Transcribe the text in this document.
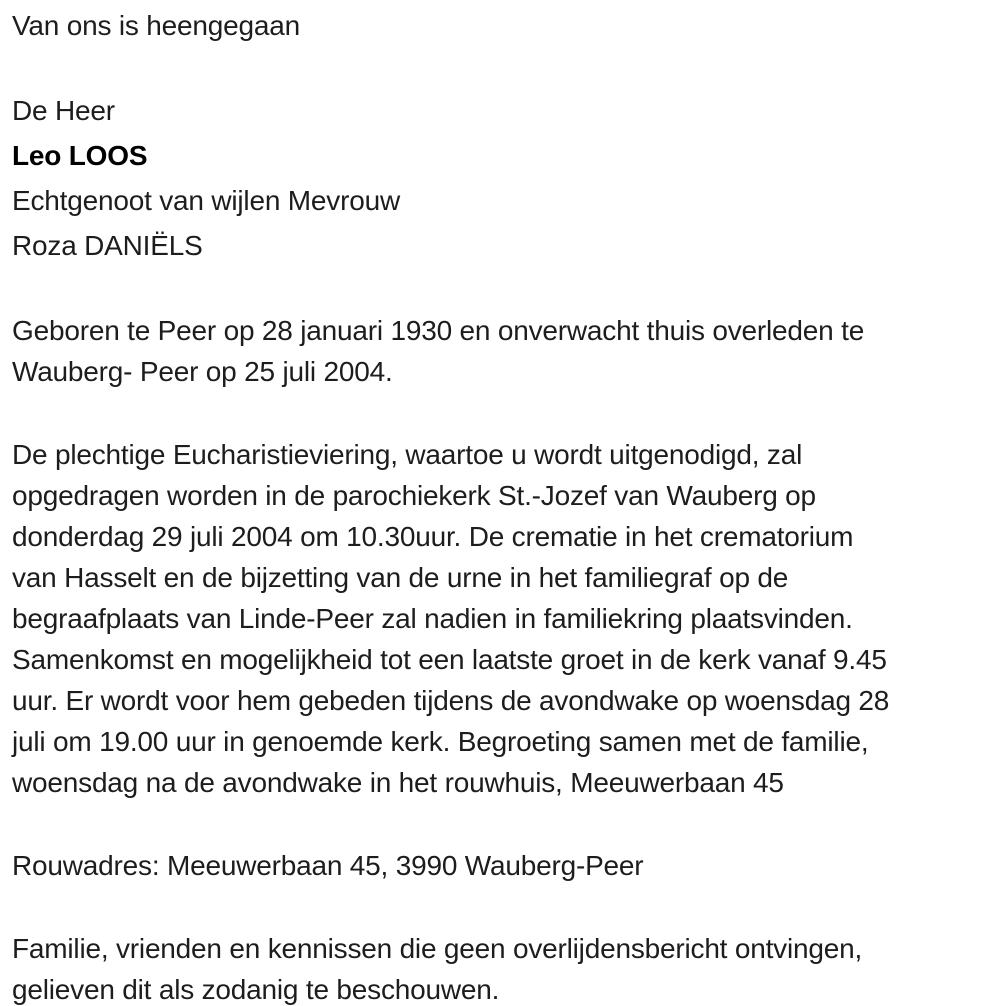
Van ons is heengegaan

De Heer
Leo LOOS
Echtgenoot van wijlen Mevrouw
Roza DANIËLS

Geboren te Peer op 28 januari 1930 en onverwacht thuis overleden te
Wauberg- Peer op 25 juli 2004.

De plechtige Eucharistieviering, waartoe u wordt uitgenodigd, zal
opgedragen worden in de parochiekerk St.-Jozef van Wauberg op
donderdag 29 juli 2004 om 10.30uur. De crematie in het crematorium
van Hasselt en de bijzetting van de urne in het familiegraf op de
begraafplaats van Linde-Peer zal nadien in familiekring plaatsvinden.
Samenkomst en mogelijkheid tot een laatste groet in de kerk vanaf 9.45
uur. Er wordt voor hem gebeden tijdens de avondwake op woensdag 28
juli om 19.00 uur in genoemde kerk. Begroeting samen met de familie,
woensdag na de avondwake in het rouwhuis, Meeuwerbaan 45

Rouwadres: Meeuwerbaan 45, 3990 Wauberg-Peer

Familie, vrienden en kennissen die geen overlijdensbericht ontvingen,
gelieven dit als zodanig te beschouwen.
